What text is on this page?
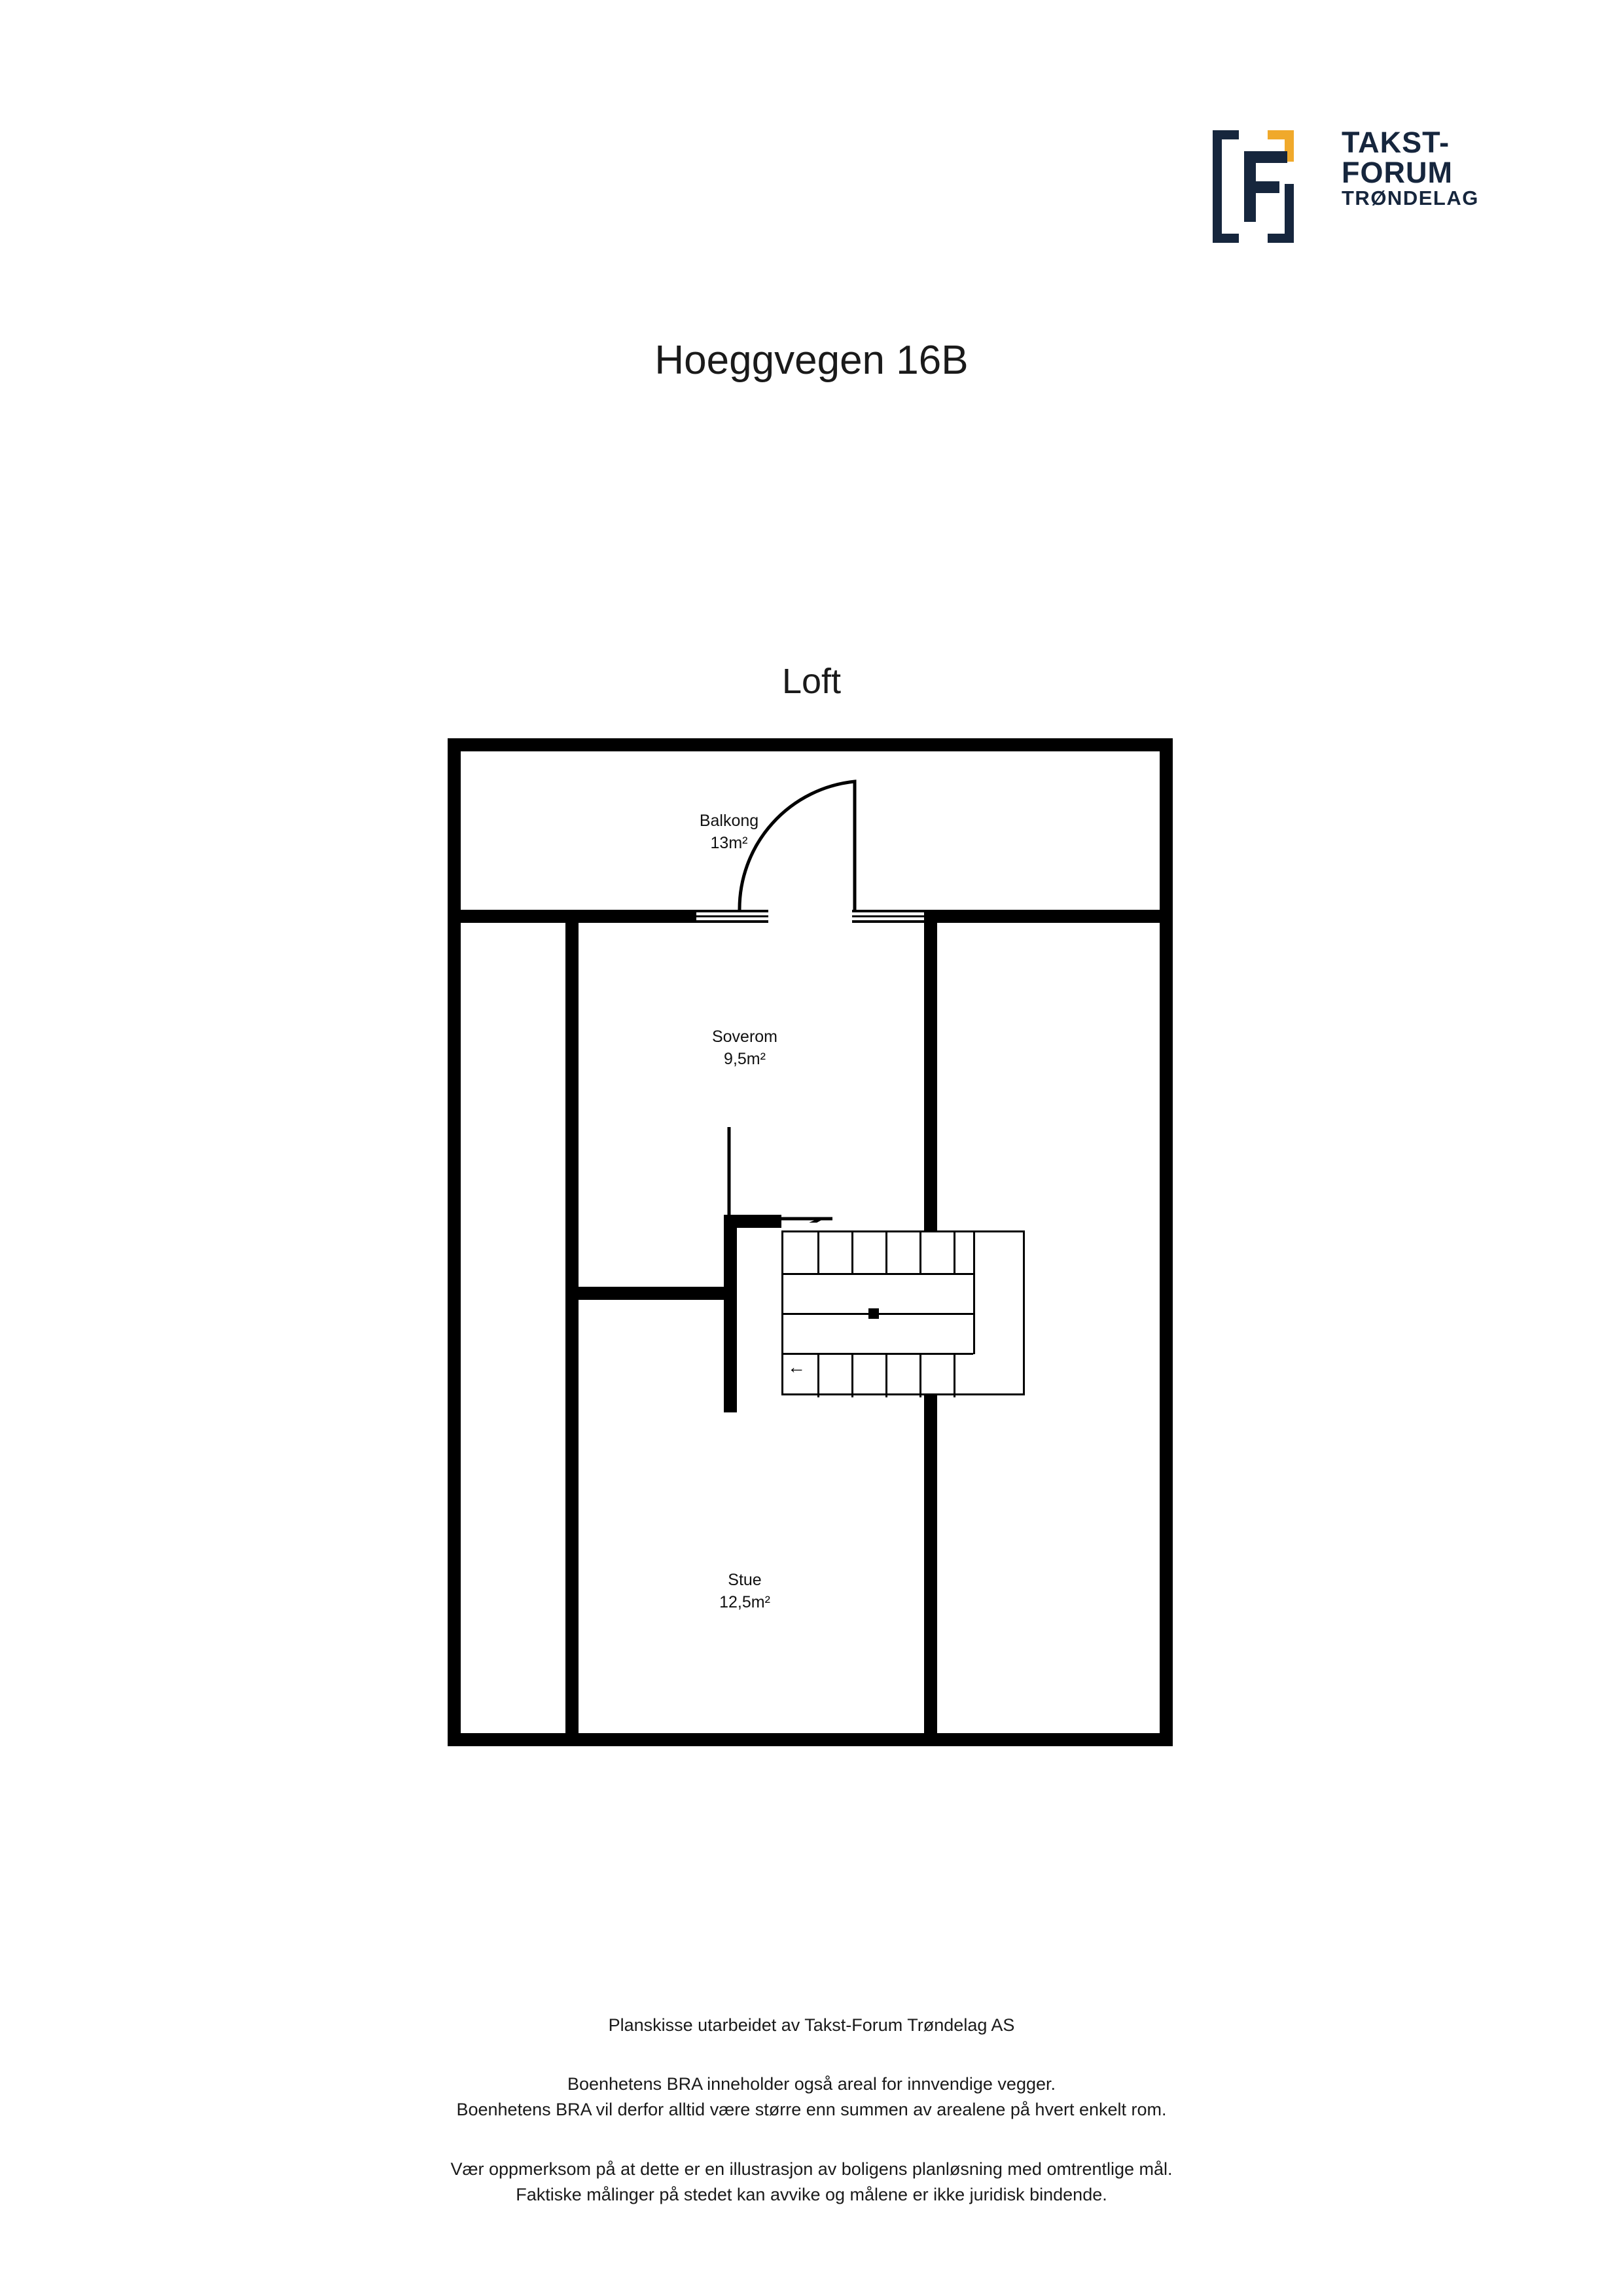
TAKST-
FORUM
TRØNDELAG
Hoeggvegen 16B
Loft
←
Balkong
13m²
Soverom
9,5m²
Stue
12,5m²
Planskisse utarbeidet av Takst-Forum Trøndelag AS
Boenhetens BRA inneholder også areal for innvendige vegger.
Boenhetens BRA vil derfor alltid være større enn summen av arealene på hvert enkelt rom.
Vær oppmerksom på at dette er en illustrasjon av boligens planløsning med omtrentlige mål.
Faktiske målinger på stedet kan avvike og målene er ikke juridisk bindende.
